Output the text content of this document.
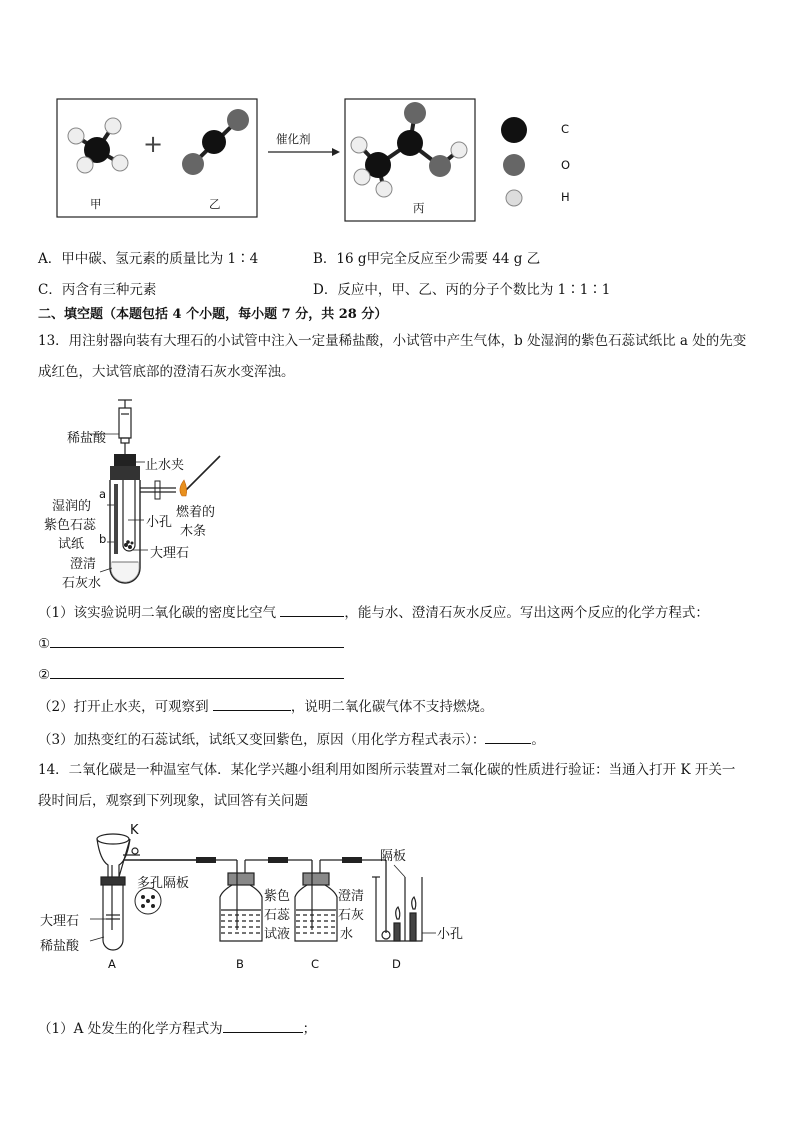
甲
+
乙
催化剂
丙
C
O
H
A．甲中碳、氢元素的质量比为 1∶4	B．16 g甲完全反应至少需要 44 g 乙
C．丙含有三种元素	D．反应中，甲、乙、丙的分子个数比为 1∶1∶1
二、填空题（本题包括 4 个小题，每小题 7 分，共 28 分）
13．用注射器向装有大理石的小试管中注入一定量稀盐酸，小试管中产生气体，b 处湿润的紫色石蕊试纸比 a 处的先变
成红色，大试管底部的澄清石灰水变浑浊。
稀盐酸
止水夹
a
b
湿润的
紫色石蕊
试纸
小孔
燃着的
木条
大理石
澄清
石灰水
（1）该实验说明二氧化碳的密度比空气	，能与水、澄清石灰水反应。写出这两个反应的化学方程式：
①
②
（2）打开止水夹，可观察到	，说明二氧化碳气体不支持燃烧。
（3）加热变红的石蕊试纸，试纸又变回紫色，原因（用化学方程式表示）：	。
14．二氧化碳是一种温室气体．某化学兴趣小组利用如图所示装置对二氧化碳的性质进行验证：当通入打开 K 开关一
段时间后，观察到下列现象，试回答有关问题
K
多孔隔板
大理石
稀盐酸
紫色
石蕊
试液
澄清
石灰
水
隔板
小孔
A	B	C	D
（1）A 处发生的化学方程式为	；
